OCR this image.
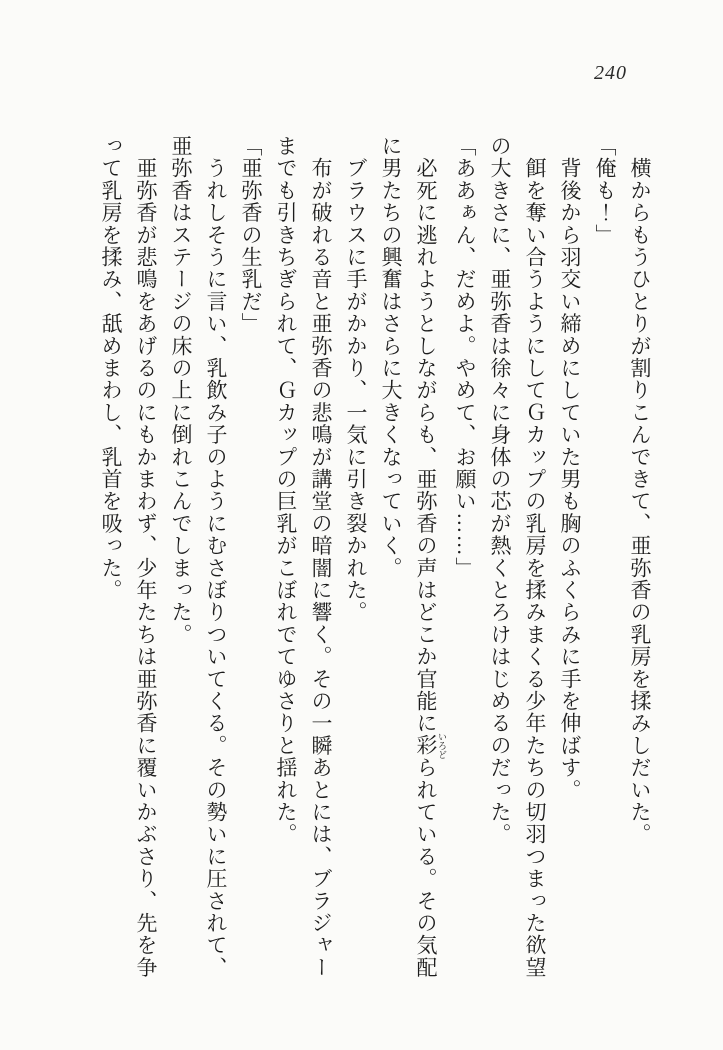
240
　横からもうひとりが割りこんできて、亜弥香の乳房を揉みしだいた。
「俺も！」
　背後から羽交い締めにしていた男も胸のふくらみに手を伸ばす。
　餌を奪い合うようにしてＧカップの乳房を揉みまくる少年たちの切羽つまった欲望
の大きさに、亜弥香は徐々に身体の芯が熱くとろけはじめるのだった。
「ああぁん、だめよ。やめて、お願い……」
　必死に逃れようとしながらも、亜弥香の声はどこか官能に彩 いろどられている。その気配
に男たちの興奮はさらに大きくなっていく。
　ブラウスに手がかかり、一気に引き裂かれた。
　布が破れる音と亜弥香の悲鳴が講堂の暗闇に響く。その一瞬あとには、ブラジャー
までも引きちぎられて、Ｇカップの巨乳がこぼれでてゆさりと揺れた。
「亜弥香の生乳だ」
　うれしそうに言い、乳飲み子のようにむさぼりついてくる。その勢いに圧されて、
亜弥香はステージの床の上に倒れこんでしまった。
　亜弥香が悲鳴をあげるのにもかまわず、少年たちは亜弥香に覆いかぶさり、先を争
って乳房を揉み、舐めまわし、乳首を吸った。
